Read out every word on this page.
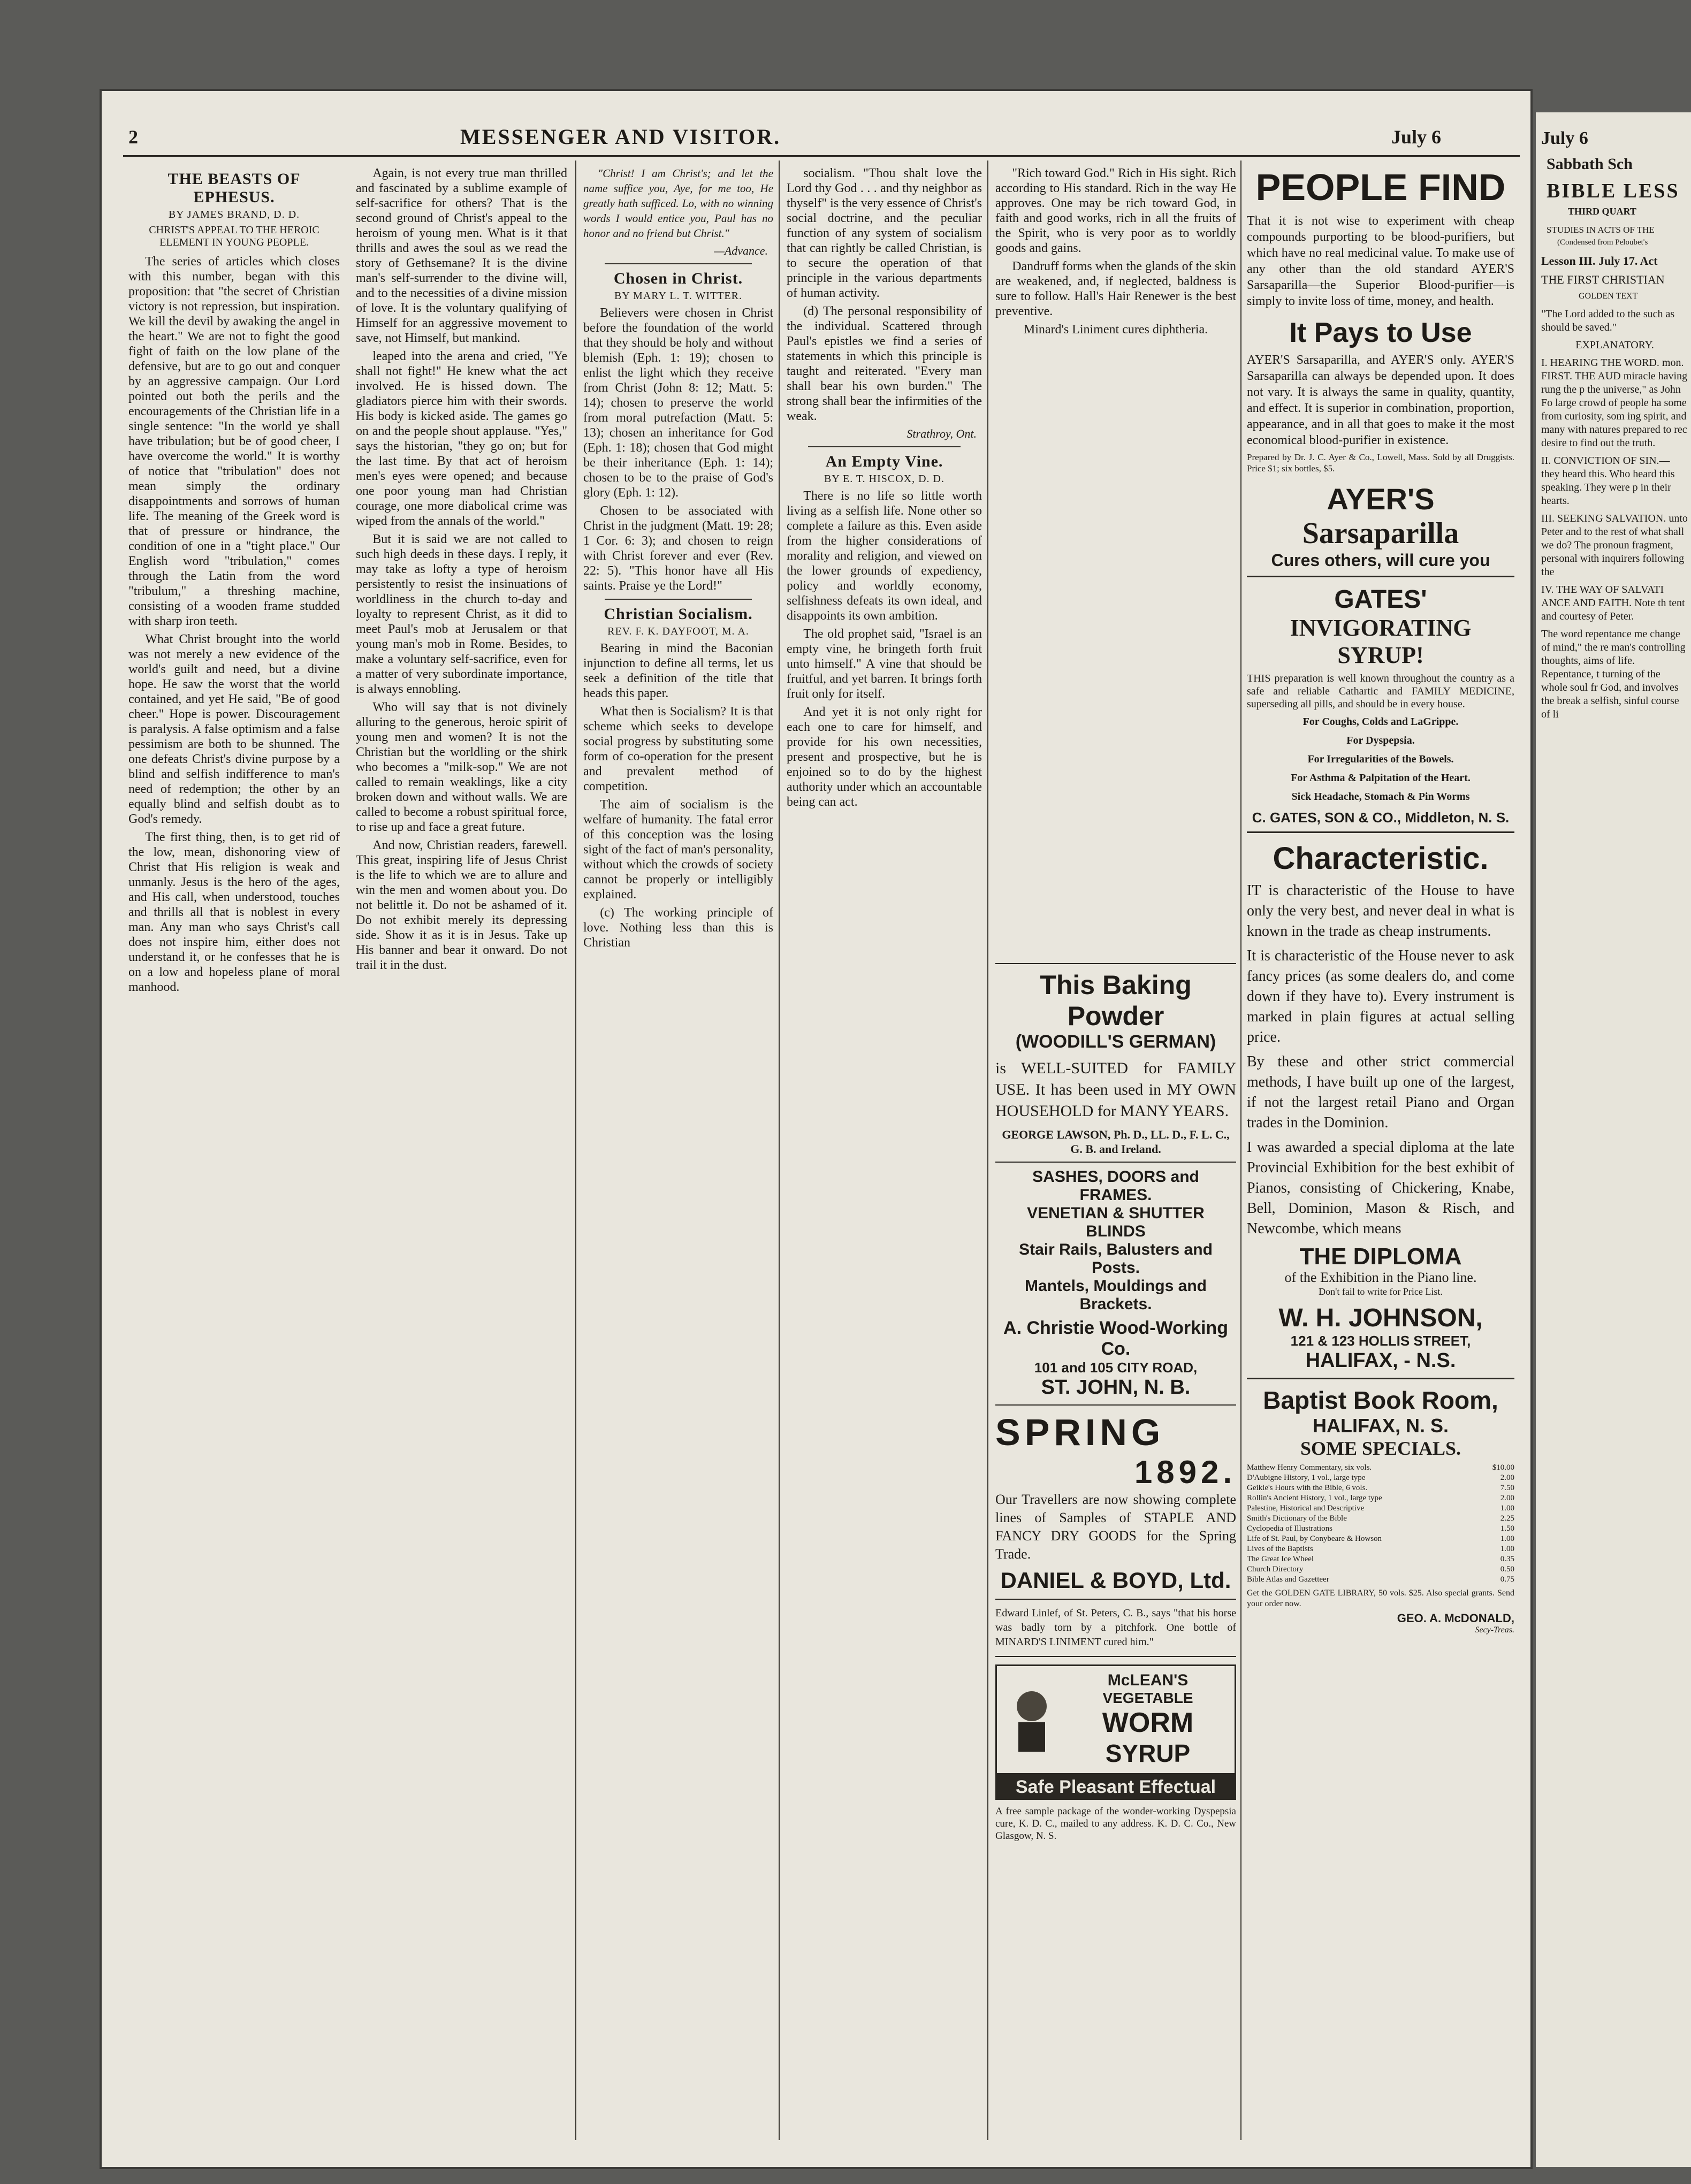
2	MESSENGER AND VISITOR.	July 6
THE BEASTS OF EPHESUS.
BY JAMES BRAND, D. D.
CHRIST'S APPEAL TO THE HEROIC ELEMENT IN YOUNG PEOPLE.

The series of articles which closes with this number, began with this proposition: that "the secret of Christian victory is not repression, but inspiration. We kill the devil by awaking the angel in the heart." We are not to fight the good fight of faith on the low plane of the defensive, but are to go out and conquer by an aggressive campaign. Our Lord pointed out both the perils and the encouragements of the Christian life in a single sentence: "In the world ye shall have tribulation; but be of good cheer, I have overcome the world." It is worthy of notice that "tribulation" does not mean simply the ordinary disappointments and sorrows of human life. The meaning of the Greek word is that of pressure or hindrance, the condition of one in a "tight place." Our English word "tribulation," comes through the Latin from the word "tribulum," a threshing machine, consisting of a wooden frame studded with sharp iron teeth.

What Christ brought into the world was not merely a new evidence of the world's guilt and need, but a divine hope. He saw the worst that the world contained, and yet He said, "Be of good cheer." Hope is power. Discouragement is paralysis. A false optimism and a false pessimism are both to be shunned. The one defeats Christ's divine purpose by a blind and selfish indifference to man's need of redemption; the other by an equally blind and selfish doubt as to God's remedy.

The first thing, then, is to get rid of the low, mean, dishonoring view of Christ that His religion is weak and unmanly. Jesus is the hero of the ages, and His call, when understood, touches and thrills all that is noblest in every man. Any man who says Christ's call does not inspire him, either does not understand it, or he confesses that he is on a low and hopeless plane of moral manhood.

Again, is not every true man thrilled and fascinated by a sublime example of self-sacrifice for others? That is the second ground of Christ's appeal to the heroism of young men. What is it that thrills and awes the soul as we read the story of Gethsemane? It is the divine man's self-surrender to the divine will, and to the necessities of a divine mission of love. It is the voluntary qualifying of Himself for an aggressive movement to save, not Himself, but mankind.

leaped into the arena and cried, "Ye shall not fight!" He knew what the act involved. He is hissed down. The gladiators pierce him with their swords. His body is kicked aside. The games go on and the people shout applause. "Yes," says the historian, "they go on; but for the last time. By that act of heroism men's eyes were opened; and because one poor young man had Christian courage, one more diabolical crime was wiped from the annals of the world."

But it is said we are not called to such high deeds in these days. I reply, it may take as lofty a type of heroism persistently to resist the insinuations of worldliness in the church to-day and loyalty to represent Christ, as it did to meet Paul's mob at Jerusalem or that young man's mob in Rome. Besides, to make a voluntary self-sacrifice, even for a matter of very subordinate importance, is always ennobling.

Who will say that is not divinely alluring to the generous, heroic spirit of young men and women? It is not the Christian but the worldling or the shirk who becomes a "milk-sop." We are not called to remain weaklings, like a city broken down and without walls. We are called to become a robust spiritual force, to rise up and face a great future.

And now, Christian readers, farewell. This great, inspiring life of Jesus Christ is the life to which we are to allure and win the men and women about you. Do not belittle it. Do not be ashamed of it. Do not exhibit merely its depressing side. Show it as it is in Jesus. Take up His banner and bear it onward. Do not trail it in the dust.

"Christ! I am Christ's; and let the name suffice you, Aye, for me too, He greatly hath sufficed. Lo, with no winning words I would entice you, Paul has no honor and no friend but Christ."

—Advance.
Chosen in Christ.
BY MARY L. T. WITTER.

Believers were chosen in Christ before the foundation of the world that they should be holy and without blemish (Eph. 1: 19); chosen to enlist the light which they receive from Christ (John 8: 12; Matt. 5: 14); chosen to preserve the world from moral putrefaction (Matt. 5: 13); chosen an inheritance for God (Eph. 1: 18); chosen that God might be their inheritance (Eph. 1: 14); chosen to be to the praise of God's glory (Eph. 1: 12).

Chosen to be associated with Christ in the judgment (Matt. 19: 28; 1 Cor. 6: 3); and chosen to reign with Christ forever and ever (Rev. 22: 5). "This honor have all His saints. Praise ye the Lord!"

Christian Socialism.
REV. F. K. DAYFOOT, M. A.

Bearing in mind the Baconian injunction to define all terms, let us seek a definition of the title that heads this paper.

What then is Socialism? It is that scheme which seeks to develope social progress by substituting some form of co-operation for the present and prevalent method of competition.

The aim of socialism is the welfare of humanity. The fatal error of this conception was the losing sight of the fact of man's personality, without which the crowds of society cannot be properly or intelligibly explained.

(c) The working principle of love. Nothing less than this is Christian

socialism. "Thou shalt love the Lord thy God . . . and thy neighbor as thyself" is the very essence of Christ's social doctrine, and the peculiar function of any system of socialism that can rightly be called Christian, is to secure the operation of that principle in the various departments of human activity.

(d) The personal responsibility of the individual. Scattered through Paul's epistles we find a series of statements in which this principle is taught and reiterated. "Every man shall bear his own burden." The strong shall bear the infirmities of the weak.

Strathroy, Ont.
An Empty Vine.
BY E. T. HISCOX, D. D.

There is no life so little worth living as a selfish life. None other so complete a failure as this. Even aside from the higher considerations of morality and religion, and viewed on the lower grounds of expediency, policy and worldly economy, selfishness defeats its own ideal, and disappoints its own ambition.

The old prophet said, "Israel is an empty vine, he bringeth forth fruit unto himself." A vine that should be fruitful, and yet barren. It brings forth fruit only for itself.

And yet it is not only right for each one to care for himself, and provide for his own necessities, present and prospective, but he is enjoined so to do by the highest authority under which an accountable being can act.

"Rich toward God." Rich in His sight. Rich according to His standard. Rich in the way He approves. One may be rich toward God, in faith and good works, rich in all the fruits of the Spirit, who is very poor as to worldly goods and gains.

Dandruff forms when the glands of the skin are weakened, and, if neglected, baldness is sure to follow. Hall's Hair Renewer is the best preventive.

Minard's Liniment cures diphtheria.

This Baking Powder
(WOODILL'S GERMAN)

is WELL-SUITED for FAMILY USE. It has been used in MY OWN HOUSEHOLD for MANY YEARS.

GEORGE LAWSON, Ph. D., LL. D., F. L. C., G. B. and Ireland.

SASHES, DOORS and FRAMES.
VENETIAN & SHUTTER BLINDS
Stair Rails, Balusters and Posts.
Mantels, Mouldings and Brackets.
A. Christie Wood-Working Co.
101 and 105 CITY ROAD,
ST. JOHN, N. B.
SPRING
1892.

Our Travellers are now showing complete lines of Samples of STAPLE AND FANCY DRY GOODS for the Spring Trade.

DANIEL & BOYD, Ltd.

Edward Linlef, of St. Peters, C. B., says "that his horse was badly torn by a pitchfork. One bottle of MINARD'S LINIMENT cured him."

McLEAN'S
VEGETABLE
WORM
SYRUP
Safe Pleasant Effectual

A free sample package of the wonder-working Dyspepsia cure, K. D. C., mailed to any address. K. D. C. Co., New Glasgow, N. S.

PEOPLE FIND

That it is not wise to experiment with cheap compounds purporting to be blood-purifiers, but which have no real medicinal value. To make use of any other than the old standard AYER'S Sarsaparilla—the Superior Blood-purifier—is simply to invite loss of time, money, and health.

It Pays to Use

AYER'S Sarsaparilla, and AYER'S only. AYER'S Sarsaparilla can always be depended upon. It does not vary. It is always the same in quality, quantity, and effect. It is superior in combination, proportion, appearance, and in all that goes to make it the most economical blood-purifier in existence.

Prepared by Dr. J. C. Ayer & Co., Lowell, Mass. Sold by all Druggists. Price $1; six bottles, $5.

AYER'S
Sarsaparilla
Cures others, will cure you
GATES'
INVIGORATING SYRUP!

THIS preparation is well known throughout the country as a safe and reliable Cathartic and FAMILY MEDICINE, superseding all pills, and should be in every house.

For Coughs, Colds and LaGrippe.

For Dyspepsia.

For Irregularities of the Bowels.

For Asthma & Palpitation of the Heart.

Sick Headache, Stomach & Pin Worms

C. GATES, SON & CO., Middleton, N. S.
Characteristic.

IT is characteristic of the House to have only the very best, and never deal in what is known in the trade as cheap instruments.

It is characteristic of the House never to ask fancy prices (as some dealers do, and come down if they have to). Every instrument is marked in plain figures at actual selling price.

By these and other strict commercial methods, I have built up one of the largest, if not the largest retail Piano and Organ trades in the Dominion.

I was awarded a special diploma at the late Provincial Exhibition for the best exhibit of Pianos, consisting of Chickering, Knabe, Bell, Dominion, Mason & Risch, and Newcombe, which means

THE DIPLOMA

of the Exhibition in the Piano line.

Don't fail to write for Price List.

W. H. JOHNSON,
121 & 123 HOLLIS STREET,
HALIFAX, - N.S.
Baptist Book Room,
HALIFAX, N. S.
SOME SPECIALS.
Matthew Henry Commentary, six vols.	$10.00
D'Aubigne History, 1 vol., large type	2.00
Geikie's Hours with the Bible, 6 vols.	7.50
Rollin's Ancient History, 1 vol., large type	2.00
Palestine, Historical and Descriptive	1.00
Smith's Dictionary of the Bible	2.25
Cyclopedia of Illustrations	1.50
Life of St. Paul, by Conybeare & Howson	1.00
Lives of the Baptists	1.00
The Great Ice Wheel	0.35
Church Directory	0.50
Bible Atlas and Gazetteer	0.75

Get the GOLDEN GATE LIBRARY, 50 vols. $25. Also special grants. Send your order now.

GEO. A. McDONALD,
Secy-Treas.
July 6
Sabbath Sch
BIBLE LESS
THIRD QUART
STUDIES IN ACTS OF THE
(Condensed from Peloubet's
Lesson III. July 17. Act
THE FIRST CHRISTIAN
GOLDEN TEXT

"The Lord added to the such as should be saved."

EXPLANATORY.

I. HEARING THE WORD. mon. FIRST. THE AUD miracle having rung the p the universe," as John Fo large crowd of people ha some from curiosity, som ing spirit, and many with natures prepared to rec desire to find out the truth.

II. CONVICTION OF SIN.— they heard this. Who heard this speaking. They were p in their hearts.

III. SEEKING SALVATION. unto Peter and to the rest of what shall we do? The pronoun fragment, personal with inquirers following the

IV. THE WAY OF SALVATI ANCE AND FAITH. Note th tent and courtesy of Peter.

The word repentance me change of mind," the re man's controlling thoughts, aims of life. Repentance, t turning of the whole soul fr God, and involves the break a selfish, sinful course of li
